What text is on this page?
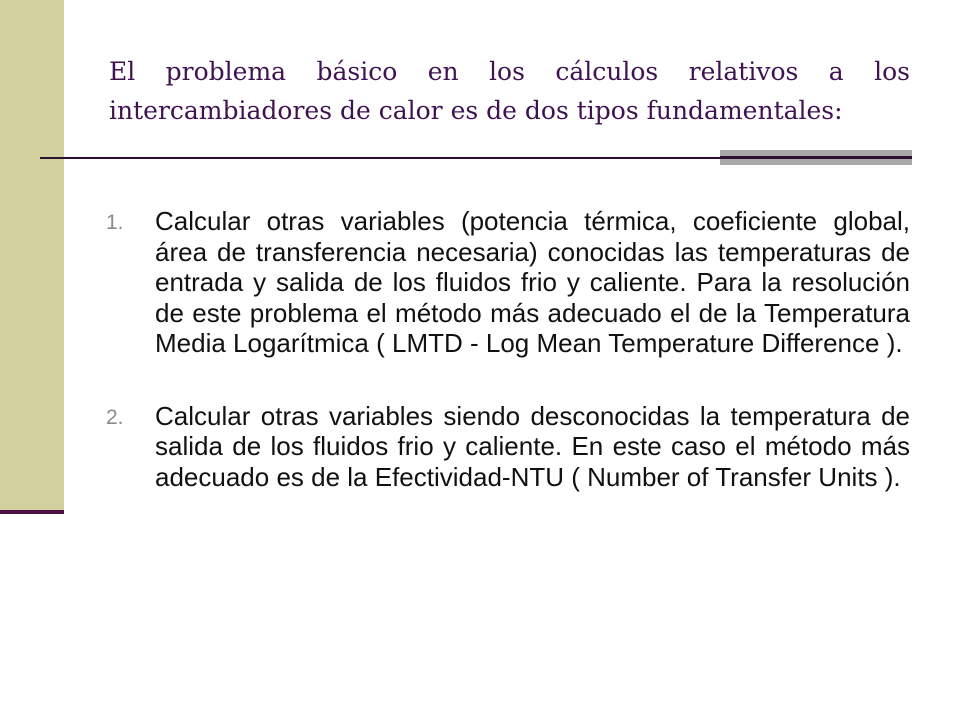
El problema básico en los cálculos relativos a los intercambiadores de calor es de dos tipos fundamentales:
1. Calcular otras variables (potencia térmica, coeficiente global, área de transferencia necesaria) conocidas las temperaturas de entrada y salida de los fluidos frio y caliente. Para la resolución de este problema el método más adecuado el de la Temperatura Media Logarítmica ( LMTD - Log Mean Temperature Difference ).
2. Calcular otras variables siendo desconocidas la temperatura de salida de los fluidos frio y caliente. En este caso el método más adecuado es de la Efectividad-NTU ( Number of Transfer Units ).
